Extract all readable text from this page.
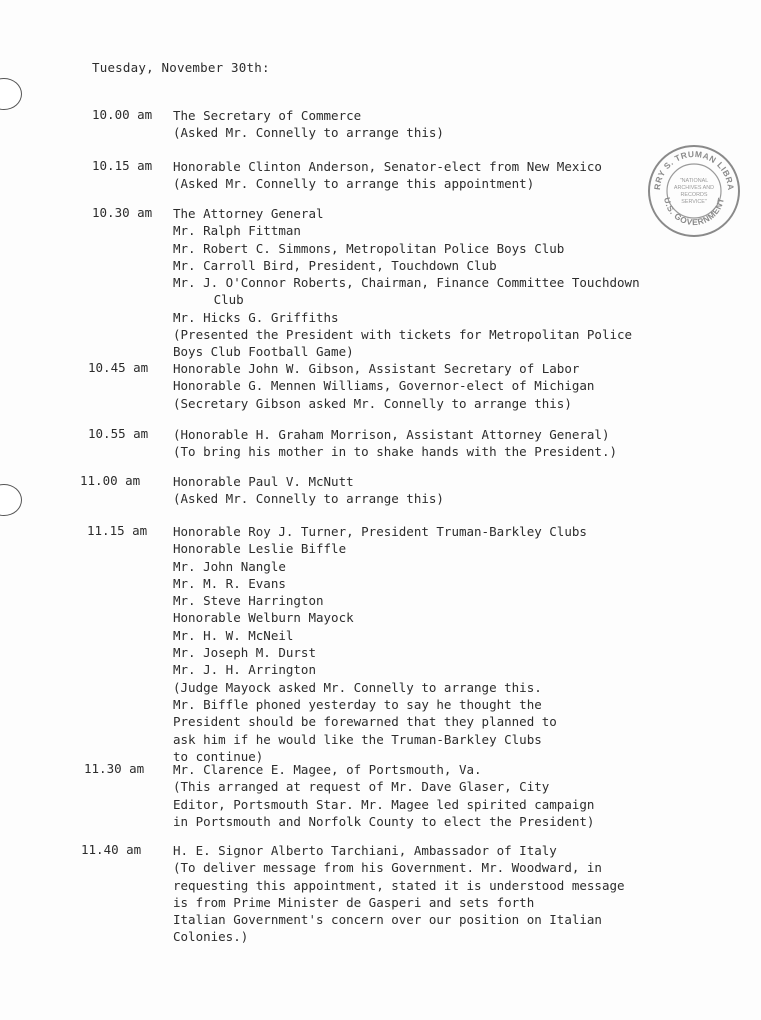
Tuesday, November 30th:
RRY S. TRUMAN LIBRA
U.S. GOVERNMENT
"NATIONAL
ARCHIVES AND
RECORDS
SERVICE"
10.00 am The Secretary of Commerce
(Asked Mr. Connelly to arrange this)
10.15 am Honorable Clinton Anderson, Senator-elect from New Mexico
(Asked Mr. Connelly to arrange this appointment)
10.30 am The Attorney General
Mr. Ralph Fittman
Mr. Robert C. Simmons, Metropolitan Police Boys Club
Mr. Carroll Bird, President, Touchdown Club
Mr. J. O'Connor Roberts, Chairman, Finance Committee Touchdown
Club
Mr. Hicks G. Griffiths
(Presented the President with tickets for Metropolitan Police
Boys Club Football Game)
10.45 am Honorable John W. Gibson, Assistant Secretary of Labor
Honorable G. Mennen Williams, Governor-elect of Michigan
(Secretary Gibson asked Mr. Connelly to arrange this)
10.55 am (Honorable H. Graham Morrison, Assistant Attorney General)
(To bring his mother in to shake hands with the President.)
11.00 am	Honorable Paul V. McNutt
(Asked Mr. Connelly to arrange this)
11.15 am Honorable Roy J. Turner, President Truman-Barkley Clubs
Honorable Leslie Biffle
Mr. John Nangle
Mr. M. R. Evans
Mr. Steve Harrington
Honorable Welburn Mayock
Mr. H. W. McNeil
Mr. Joseph M. Durst
Mr. J. H. Arrington
(Judge Mayock asked Mr. Connelly to arrange this.
Mr. Biffle phoned yesterday to say he thought the
President should be forewarned that they planned to
ask him if he would like the Truman-Barkley Clubs
to continue)
11.30 am Mr. Clarence E. Magee, of Portsmouth, Va.
(This arranged at request of Mr. Dave Glaser, City
Editor, Portsmouth Star. Mr. Magee led spirited campaign
in Portsmouth and Norfolk County to elect the President)
11.40 am	H. E. Signor Alberto Tarchiani, Ambassador of Italy
(To deliver message from his Government. Mr. Woodward, in
requesting this appointment, stated it is understood message
is from Prime Minister de Gasperi and sets forth
Italian Government's concern over our position on Italian
Colonies.)
